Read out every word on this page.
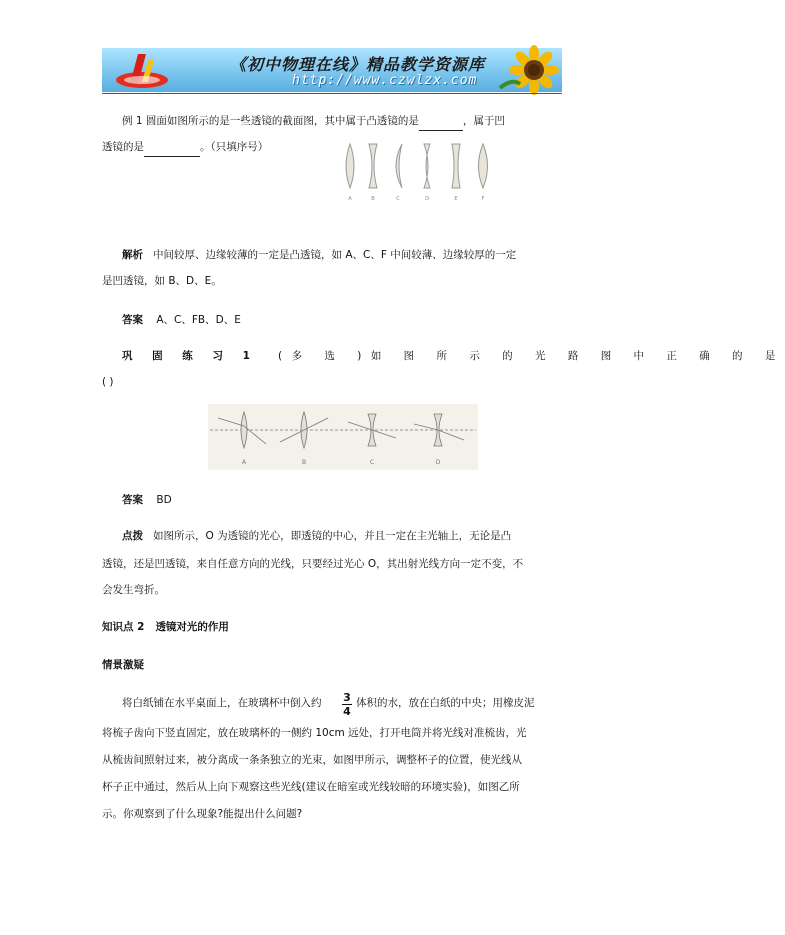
《初中物理在线》精品教学资源库
http://www.czwlzx.com
例 1 圆面如图所示的是一些透镜的截面图，其中属于凸透镜的是	，属于凹
透镜的是	。（只填序号）
A	B	C	D	E	F
解析 中间较厚、边缘较薄的一定是凸透镜，如 A、C、F 中间较薄、边缘较厚的一定
是凹透镜，如 B、D、E。
答案 A、C、FB、D、E
巩 固 练 习 1 (多 选 )如 图 所 示 的 光 路 图 中 正 确 的 是
( )
A	B	C	D
答案 BD
点拨 如图所示，O 为透镜的光心，即透镜的中心，并且一定在主光轴上，无论是凸
透镜，还是凹透镜，来自任意方向的光线，只要经过光心 O，其出射光线方向一定不变，不
会发生弯折。
知识点 2 透镜对光的作用
情景激疑
将白纸铺在水平桌面上，在玻璃杯中倒入约 3
4
体积的水，放在白纸的中央；用橡皮泥
将梳子齿向下竖直固定，放在玻璃杯的一侧约 10cm 远处，打开电筒并将光线对准梳齿，光
从梳齿间照射过来，被分离成一条条独立的光束，如图甲所示，调整杯子的位置，使光线从
杯子正中通过，然后从上向下观察这些光线(建议在暗室或光线较暗的环境实验)，如图乙所
示。你观察到了什么现象?能提出什么问题?
